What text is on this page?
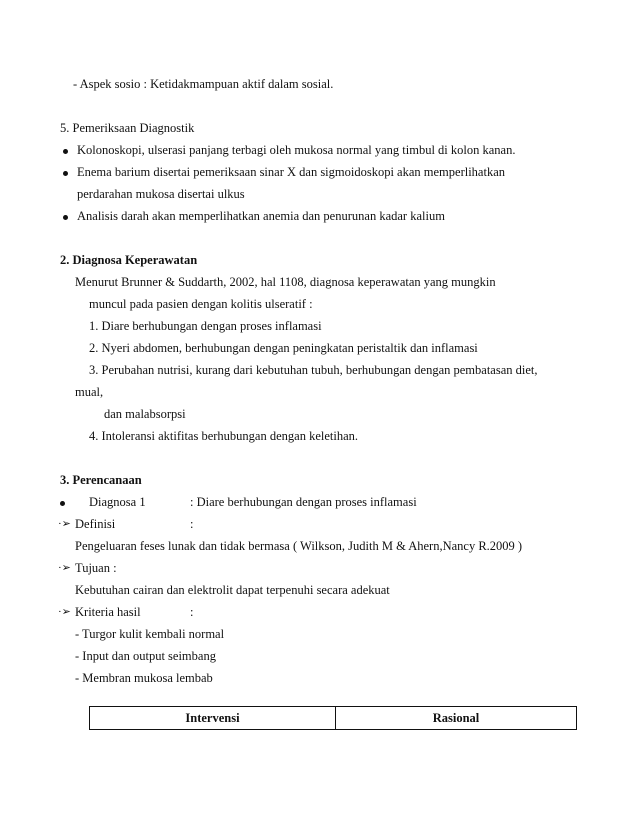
- Aspek sosio : Ketidakmampuan aktif dalam sosial.
5. Pemeriksaan Diagnostik
Kolonoskopi, ulserasi panjang terbagi oleh mukosa normal yang timbul di kolon kanan.
Enema barium disertai pemeriksaan sinar X dan sigmoidoskopi akan memperlihatkan
perdarahan mukosa disertai ulkus
Analisis darah akan memperlihatkan anemia dan penurunan kadar kalium
2. Diagnosa Keperawatan
Menurut Brunner & Suddarth, 2002, hal 1108, diagnosa keperawatan yang mungkin
muncul pada pasien dengan kolitis ulseratif :
1. Diare berhubungan dengan proses inflamasi
2. Nyeri abdomen, berhubungan dengan peningkatan peristaltik dan inflamasi
3. Perubahan nutrisi, kurang dari kebutuhan tubuh, berhubungan dengan pembatasan diet,
mual,
dan malabsorpsi
4. Intoleransi aktifitas berhubungan dengan keletihan.
3. Perencanaan
Diagnosa 1	: Diare berhubungan dengan proses inflamasi
·➢ Definisi	:
Pengeluaran feses lunak dan tidak bermasa ( Wilkson, Judith M & Ahern,Nancy R.2009 )
·➢ Tujuan :
Kebutuhan cairan dan elektrolit dapat terpenuhi secara adekuat
·➢ Kriteria hasil	:
- Turgor kulit kembali normal
- Input dan output seimbang
- Membran mukosa lembab
Intervensi	Rasional
